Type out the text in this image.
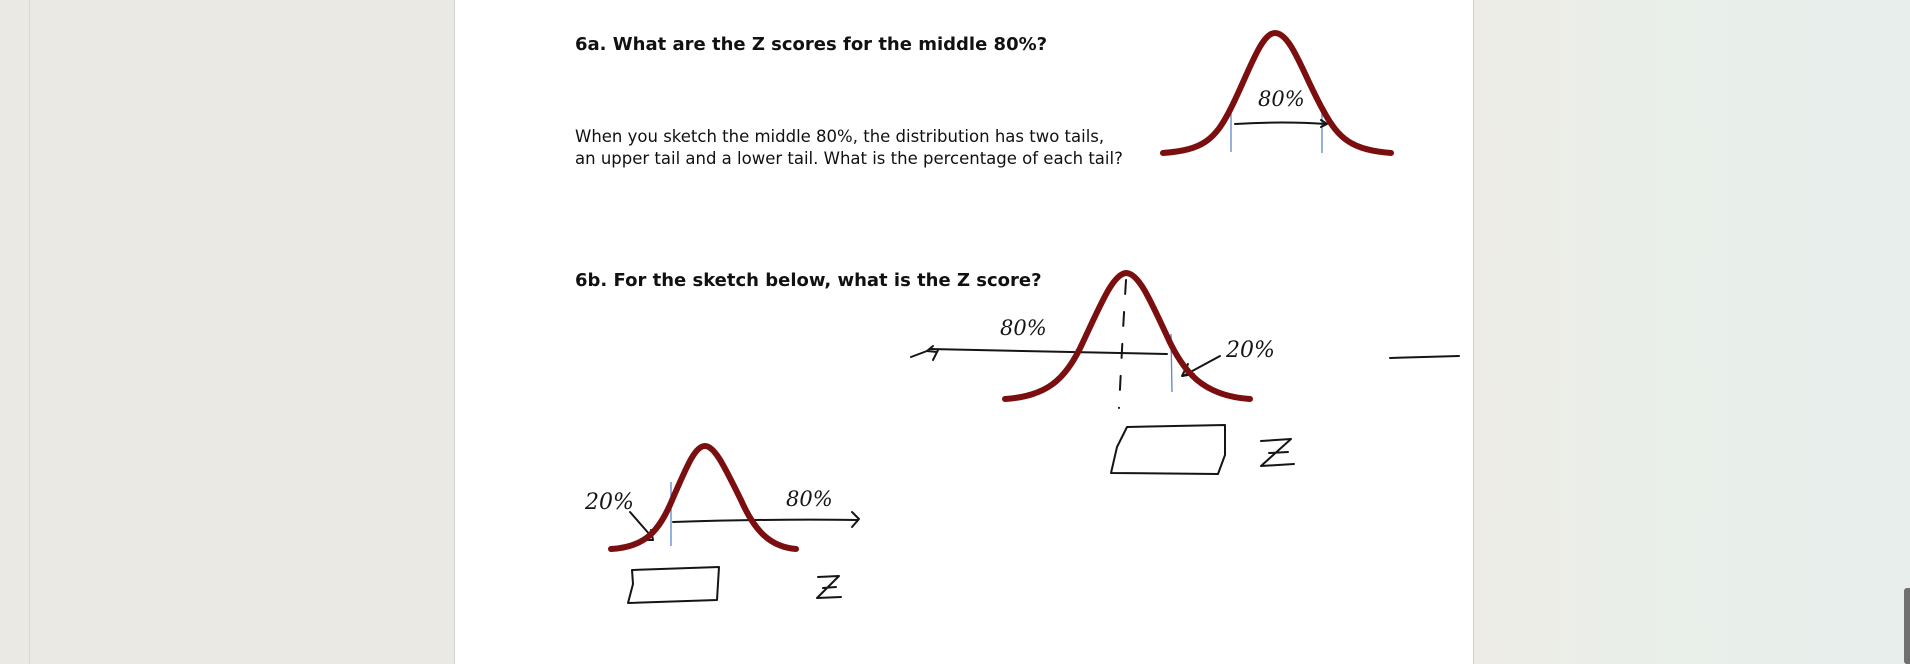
6a. What are the Z scores for the middle 80%?
When you sketch the middle 80%, the distribution has two tails,
an upper tail and a lower tail. What is the percentage of each tail?
6b. For the sketch below, what is the Z score?
80%
80%
20%
20%	80%
